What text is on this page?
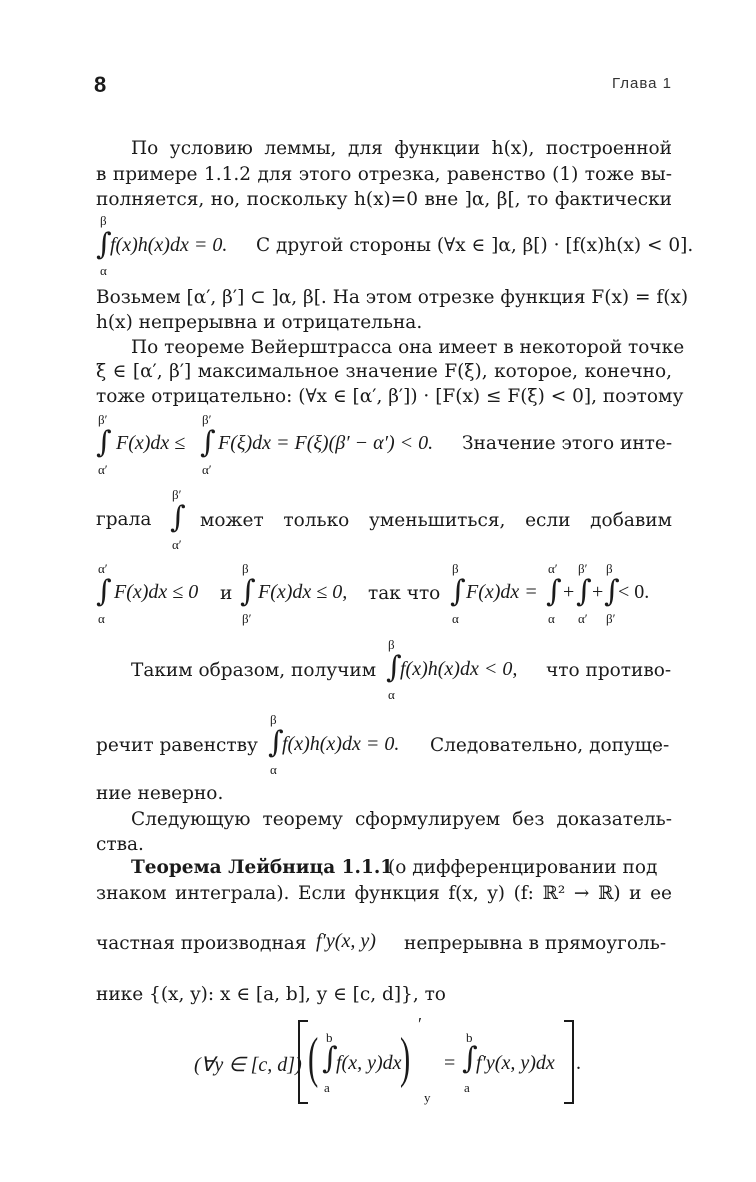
8	Глава 1
По условию леммы, для функции h(x), построенной
в примере 1.1.2 для этого отрезка, равенство (1) тоже вы-
полняется, но, поскольку h(x)=0 вне ]α, β[, то фактически
β
∫
α
f(x)h(x)dx = 0. С другой стороны (∀x ∈ ]α, β[) · [f(x)h(x) < 0].
Возьмем [α′, β′] ⊂ ]α, β[. На этом отрезке функция F(x) = f(x)
h(x) непрерывна и отрицательна.
По теореме Вейерштрасса она имеет в некоторой точке
ξ ∈ [α′, β′] максимальное значение F(ξ), которое, конечно,
тоже отрицательно: (∀x ∈ [α′, β′]) · [F(x) ≤ F(ξ) < 0], поэтому
β′
∫
α′
F(x)dx ≤
β′
∫
α′
F(ξ)dx = F(ξ)(β′ − α′) < 0. Значение этого инте-
грала
β′
∫
α′
может только уменьшиться, если добавим
α′
∫
α
F(x)dx ≤ 0 и
β
∫
β′
F(x)dx ≤ 0, так что
β
∫
α
F(x)dx =
α′
∫
α
+
β′
∫
α′
+
β
∫
β′
< 0.
Таким образом, получим
β
∫
α
f(x)h(x)dx < 0, что противо-
речит равенству
β
∫
α
f(x)h(x)dx = 0. Следовательно, допуще-
ние неверно.
Следующую теорему сформулируем без доказатель-
ства.
Теорема Лейбница 1.1.1
(о дифференцировании под
знаком интеграла). Если функция f(x, y) (f: ℝ² → ℝ) и ее
частная производная f′y(x, y) непрерывна в прямоуголь-
нике {(x, y): x ∈ [a, b], y ∈ [c, d]}, то
(∀y ∈ [c, d]) ( b
∫
a
f(x, y)dx
)
′
y
=
b
∫
a
f′y(x, y)dx .
